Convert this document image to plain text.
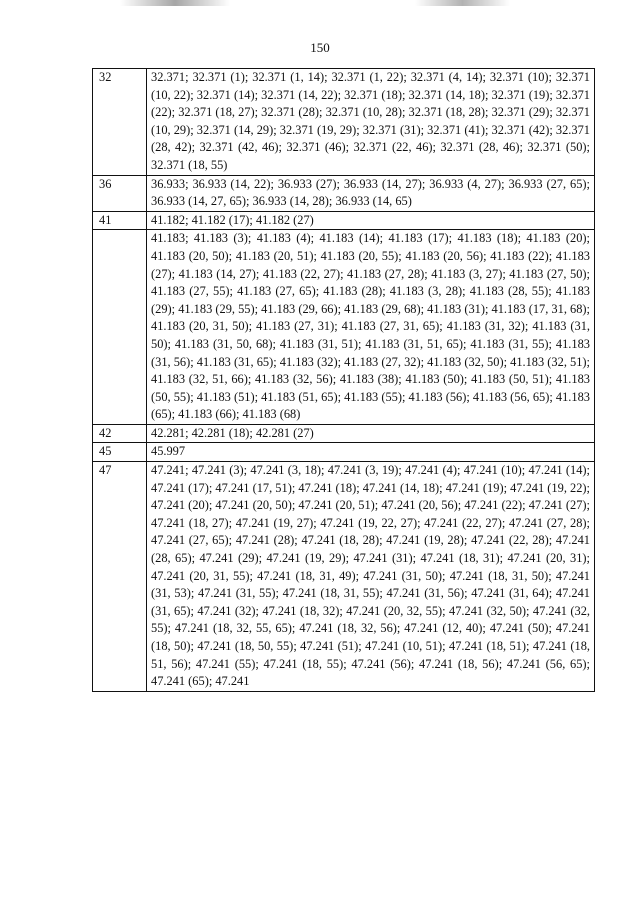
150
32	32.371; 32.371 (1); 32.371 (1, 14); 32.371 (1, 22); 32.371 (4, 14); 32.371 (10); 32.371 (10, 22); 32.371 (14); 32.371 (14, 22); 32.371 (18); 32.371 (14, 18); 32.371 (19); 32.371 (22); 32.371 (18, 27); 32.371 (28); 32.371 (10, 28); 32.371 (18, 28); 32.371 (29); 32.371 (10, 29); 32.371 (14, 29); 32.371 (19, 29); 32.371 (31); 32.371 (41); 32.371 (42); 32.371 (28, 42); 32.371 (42, 46); 32.371 (46); 32.371 (22, 46); 32.371 (28, 46); 32.371 (50); 32.371 (18, 55)
36	36.933; 36.933 (14, 22); 36.933 (27); 36.933 (14, 27); 36.933 (4, 27); 36.933 (27, 65); 36.933 (14, 27, 65); 36.933 (14, 28); 36.933 (14, 65)
41	41.182; 41.182 (17); 41.182 (27)
	41.183; 41.183 (3); 41.183 (4); 41.183 (14); 41.183 (17); 41.183 (18); 41.183 (20); 41.183 (20, 50); 41.183 (20, 51); 41.183 (20, 55); 41.183 (20, 56); 41.183 (22); 41.183 (27); 41.183 (14, 27); 41.183 (22, 27); 41.183 (27, 28); 41.183 (3, 27); 41.183 (27, 50); 41.183 (27, 55); 41.183 (27, 65); 41.183 (28); 41.183 (3, 28); 41.183 (28, 55); 41.183 (29); 41.183 (29, 55); 41.183 (29, 66); 41.183 (29, 68); 41.183 (31); 41.183 (17, 31, 68); 41.183 (20, 31, 50); 41.183 (27, 31); 41.183 (27, 31, 65); 41.183 (31, 32); 41.183 (31, 50); 41.183 (31, 50, 68); 41.183 (31, 51); 41.183 (31, 51, 65); 41.183 (31, 55); 41.183 (31, 56); 41.183 (31, 65); 41.183 (32); 41.183 (27, 32); 41.183 (32, 50); 41.183 (32, 51); 41.183 (32, 51, 66); 41.183 (32, 56); 41.183 (38); 41.183 (50); 41.183 (50, 51); 41.183 (50, 55); 41.183 (51); 41.183 (51, 65); 41.183 (55); 41.183 (56); 41.183 (56, 65); 41.183 (65); 41.183 (66); 41.183 (68)
42	42.281; 42.281 (18); 42.281 (27)
45	45.997
47	47.241; 47.241 (3); 47.241 (3, 18); 47.241 (3, 19); 47.241 (4); 47.241 (10); 47.241 (14); 47.241 (17); 47.241 (17, 51); 47.241 (18); 47.241 (14, 18); 47.241 (19); 47.241 (19, 22); 47.241 (20); 47.241 (20, 50); 47.241 (20, 51); 47.241 (20, 56); 47.241 (22); 47.241 (27); 47.241 (18, 27); 47.241 (19, 27); 47.241 (19, 22, 27); 47.241 (22, 27); 47.241 (27, 28); 47.241 (27, 65); 47.241 (28); 47.241 (18, 28); 47.241 (19, 28); 47.241 (22, 28); 47.241 (28, 65); 47.241 (29); 47.241 (19, 29); 47.241 (31); 47.241 (18, 31); 47.241 (20, 31); 47.241 (20, 31, 55); 47.241 (18, 31, 49); 47.241 (31, 50); 47.241 (18, 31, 50); 47.241 (31, 53); 47.241 (31, 55); 47.241 (18, 31, 55); 47.241 (31, 56); 47.241 (31, 64); 47.241 (31, 65); 47.241 (32); 47.241 (18, 32); 47.241 (20, 32, 55); 47.241 (32, 50); 47.241 (32, 55); 47.241 (18, 32, 55, 65); 47.241 (18, 32, 56); 47.241 (12, 40); 47.241 (50); 47.241 (18, 50); 47.241 (18, 50, 55); 47.241 (51); 47.241 (10, 51); 47.241 (18, 51); 47.241 (18, 51, 56); 47.241 (55); 47.241 (18, 55); 47.241 (56); 47.241 (18, 56); 47.241 (56, 65); 47.241 (65); 47.241
